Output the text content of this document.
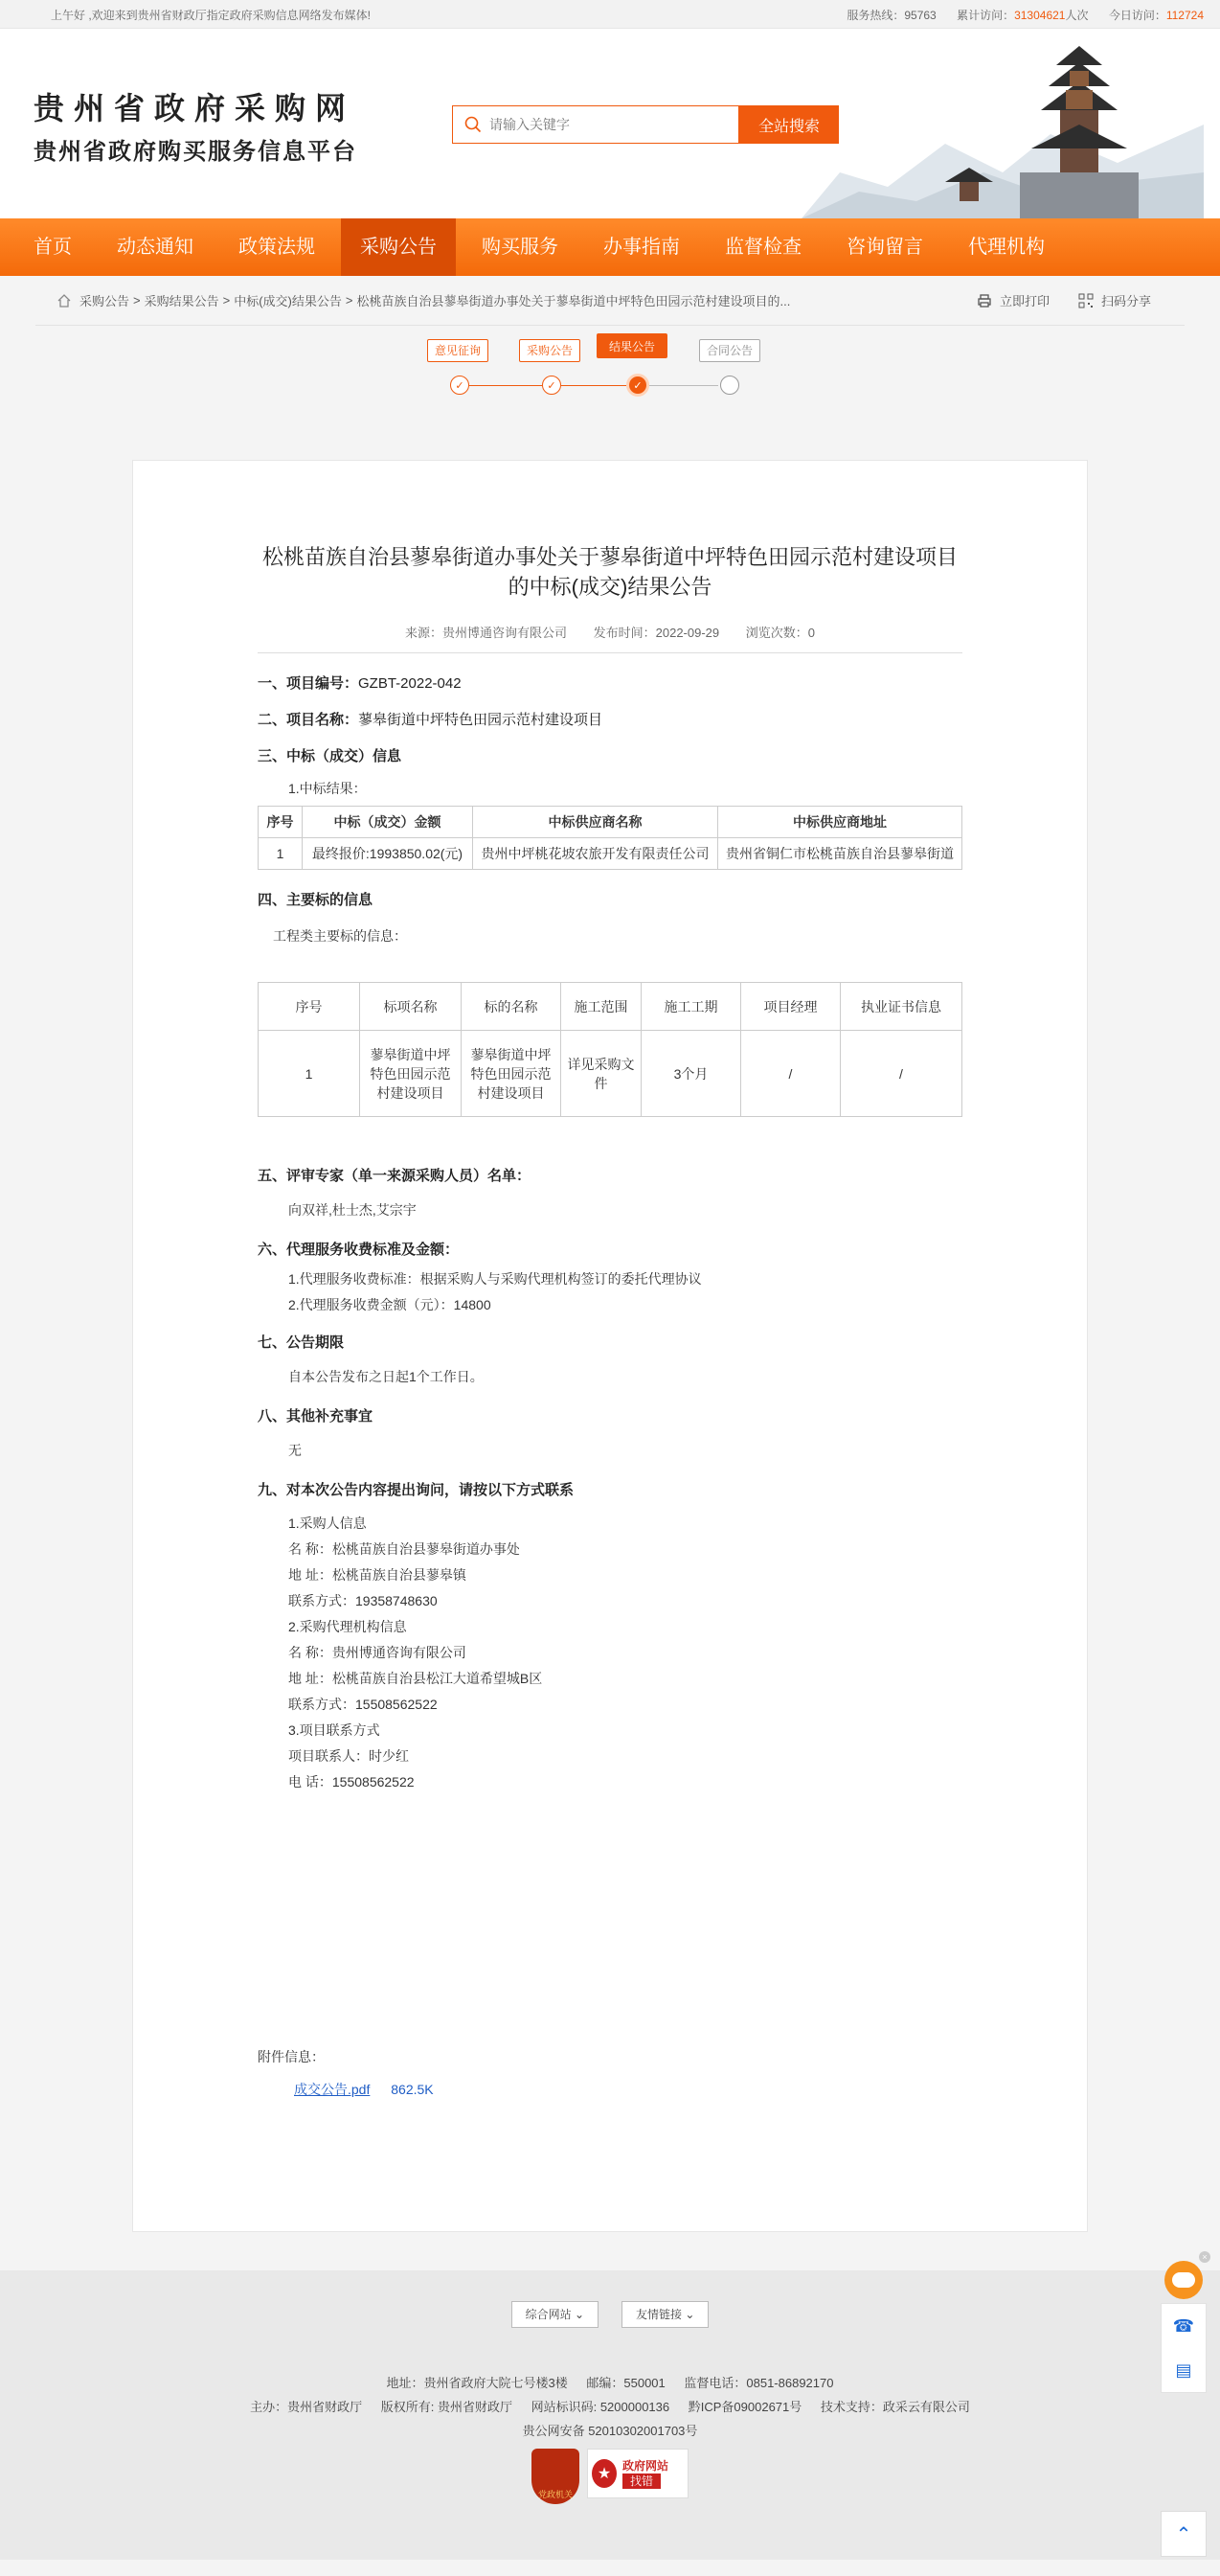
上午好 ,欢迎来到贵州省财政厅指定政府采购信息网络发布媒体!	服务热线：95763 累计访问：31304621人次 今日访问：112724
贵州省政府采购网
贵州省政府购买服务信息平台
请输入关键字
全站搜索
首页	动态通知	政策法规	采购公告	购买服务	办事指南	监督检查	咨询留言	代理机构
采购公告 > 采购结果公告 > 中标(成交)结果公告 > 松桃苗族自治县蓼皋街道办事处关于蓼皋街道中坪特色田园示范村建设项目的...	立即打印	扫码分享
意见征询	采购公告	结果公告	合同公告
✓	✓	✓
松桃苗族自治县蓼皋街道办事处关于蓼皋街道中坪特色田园示范村建设项目的中标(成交)结果公告
来源：贵州博通咨询有限公司 发布时间：2022-09-29 浏览次数：0
一、项目编号：GZBT-2022-042
二、项目名称：蓼皋街道中坪特色田园示范村建设项目
三、中标（成交）信息
1.中标结果：
序号	中标（成交）金额	中标供应商名称	中标供应商地址
1	最终报价:1993850.02(元)	贵州中坪桃花坡农旅开发有限责任公司	贵州省铜仁市松桃苗族自治县蓼皋街道
四、主要标的信息
工程类主要标的信息：
序号	标项名称	标的名称	施工范围	施工工期	项目经理	执业证书信息
1	蓼皋街道中坪特色田园示范村建设项目	蓼皋街道中坪特色田园示范村建设项目	详见采购文件	3个月	/	/
五、评审专家（单一来源采购人员）名单：
向双祥,杜士杰,艾宗宇
六、代理服务收费标准及金额：
1.代理服务收费标准：根据采购人与采购代理机构签订的委托代理协议
2.代理服务收费金额（元）：14800
七、公告期限
自本公告发布之日起1个工作日。
八、其他补充事宜
无
九、对本次公告内容提出询问，请按以下方式联系
1.采购人信息
名 称：松桃苗族自治县蓼皋街道办事处
地 址：松桃苗族自治县蓼皋镇
联系方式：19358748630
2.采购代理机构信息
名 称：贵州博通咨询有限公司
地 址：松桃苗族自治县松江大道希望城B区
联系方式：15508562522
3.项目联系方式
项目联系人：时少红
电 话：15508562522
附件信息：
成交公告.pdf 862.5K
综合网站 ⌄	友情链接 ⌄
地址：贵州省政府大院七号楼3楼 邮编：550001 监督电话：0851-86892170
主办：贵州省财政厅 版权所有: 贵州省财政厅 网站标识码: 5200000136 黔ICP备09002671号 技术支持：政采云有限公司
贵公网安备 52010302001703号
党政机关
★ 政府网站
找错
×
☎
▤
⌃
